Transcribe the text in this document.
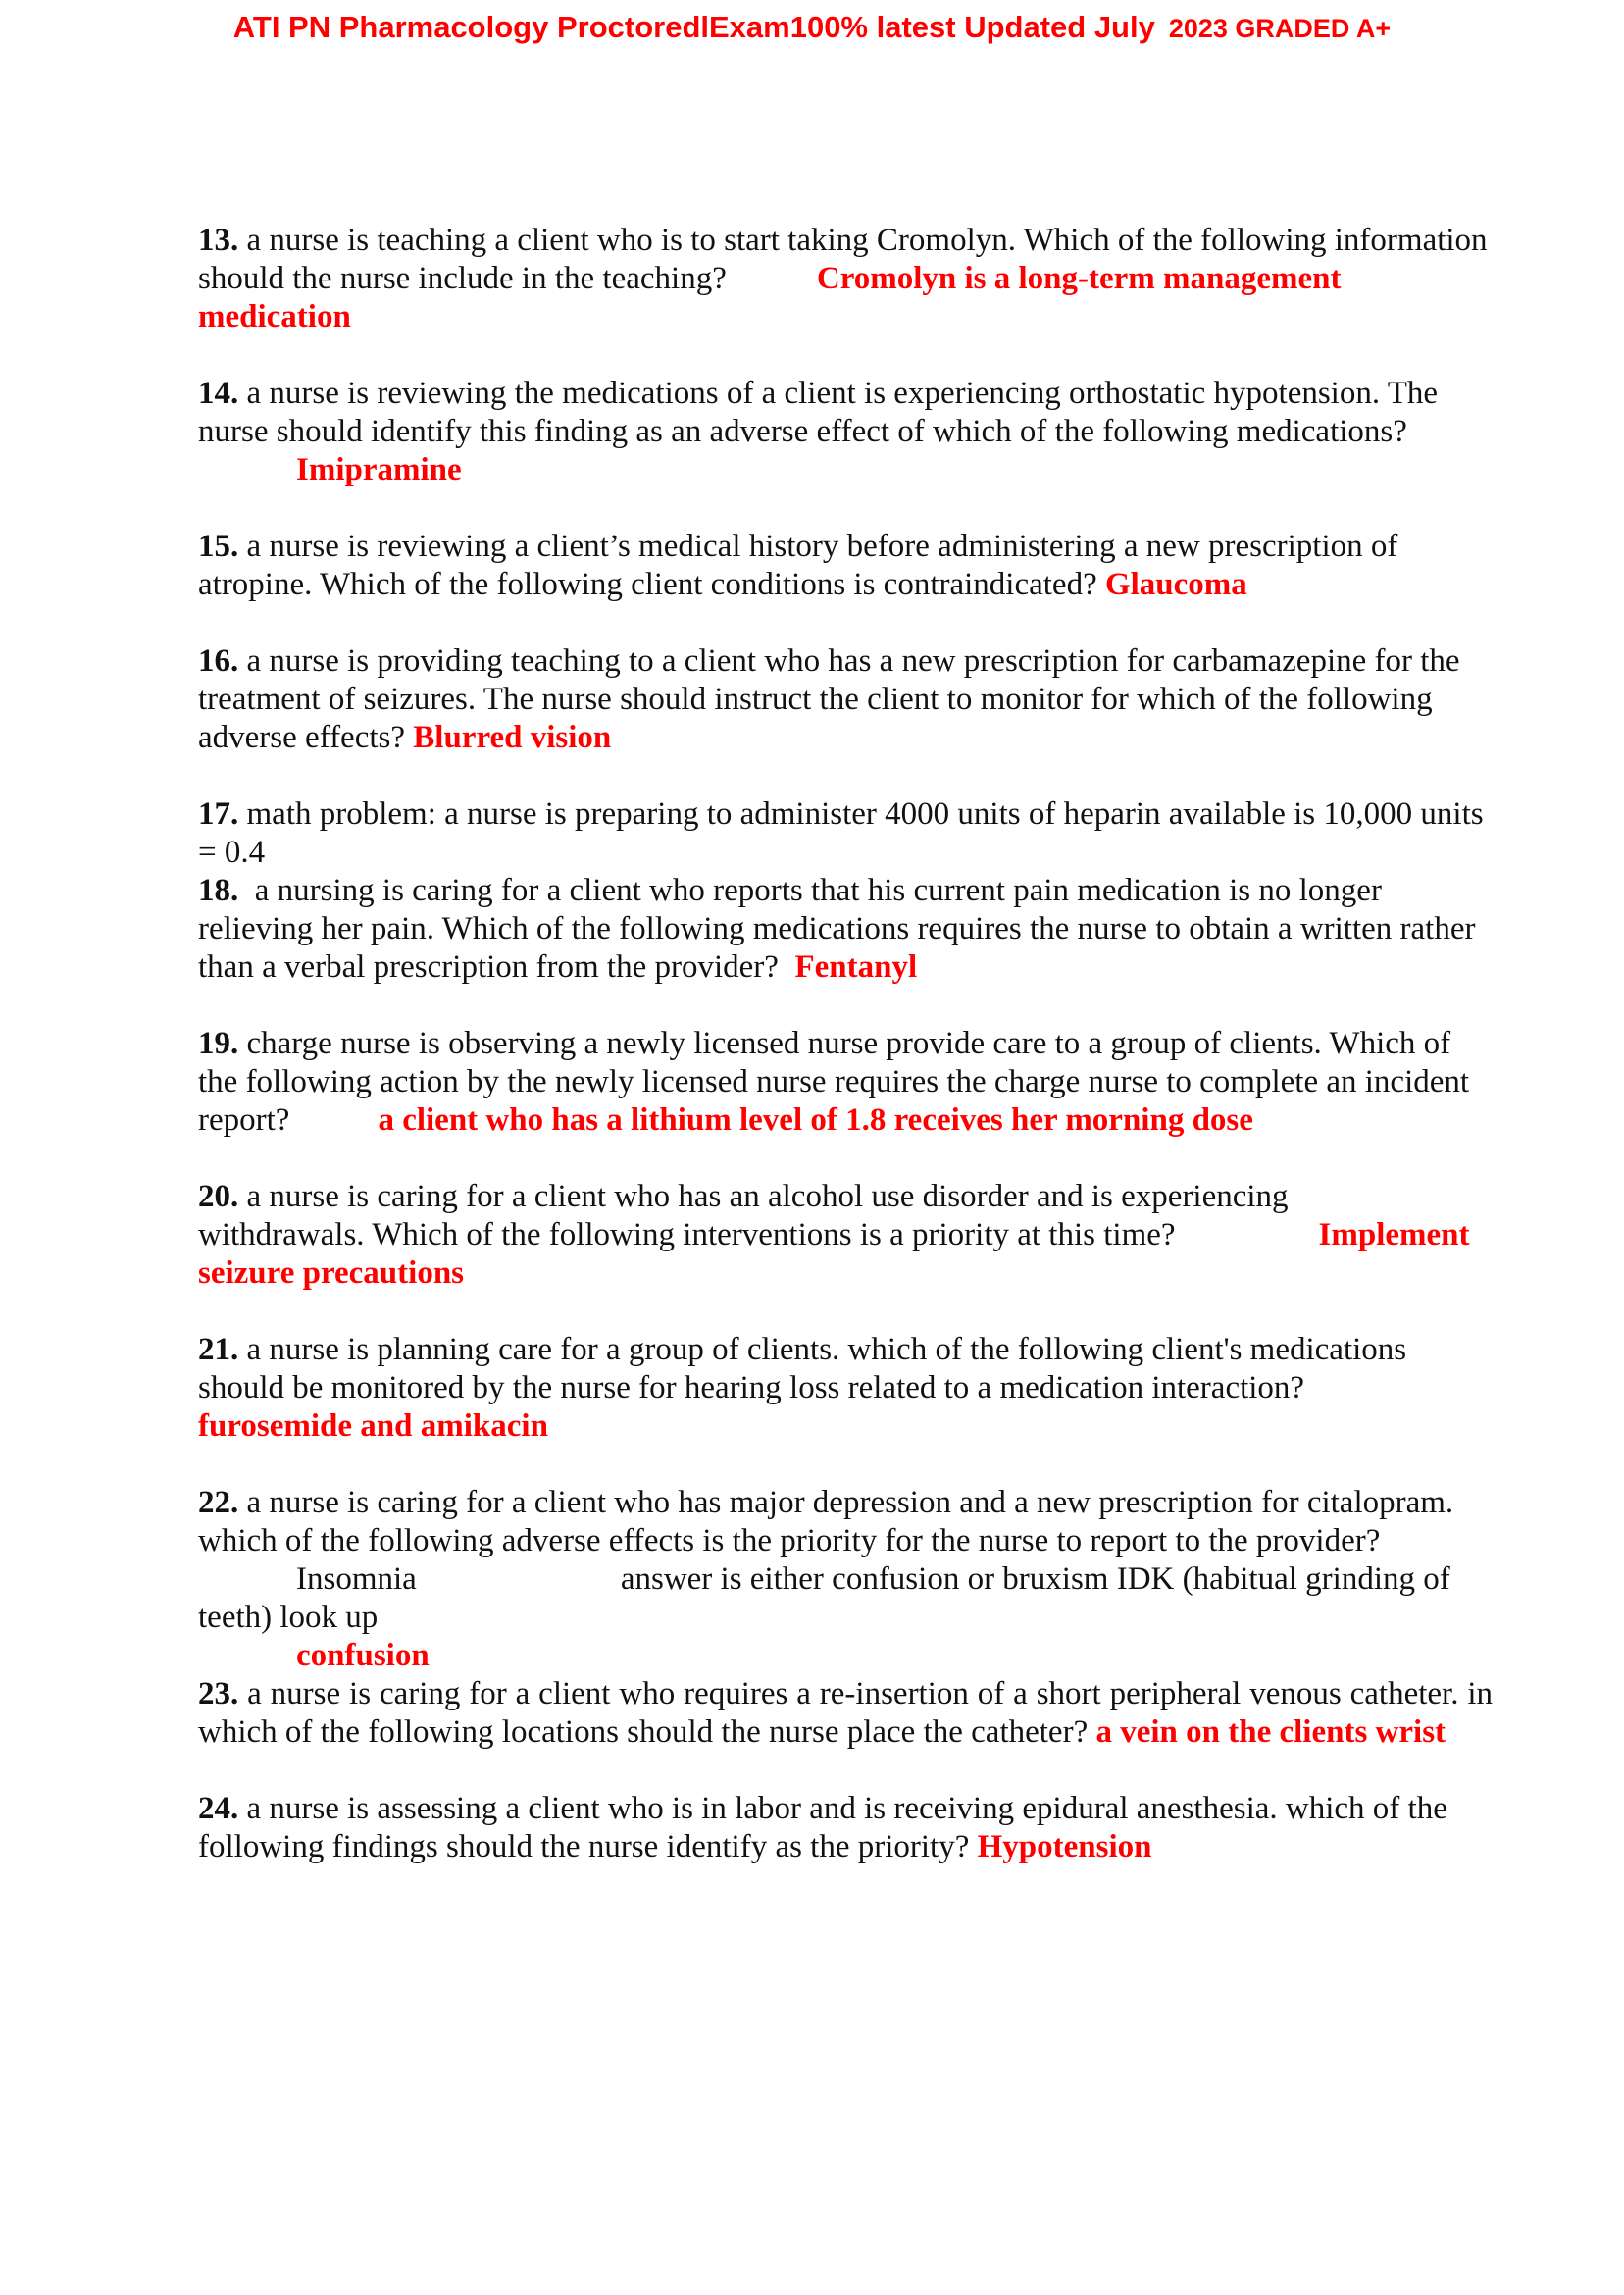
ATI PN Pharmacology ProctoredlExam100% latest Updated July 2023 GRADED A+
13. a nurse is teaching a client who is to start taking Cromolyn. Which of the following information should the nurse include in the teaching?	Cromolyn is a long-term management medication
14. a nurse is reviewing the medications of a client is experiencing orthostatic hypotension. The nurse should identify this finding as an adverse effect of which of the following medications?
Imipramine
15. a nurse is reviewing a client’s medical history before administering a new prescription of atropine. Which of the following client conditions is contraindicated? Glaucoma
16. a nurse is providing teaching to a client who has a new prescription for carbamazepine for the treatment of seizures. The nurse should instruct the client to monitor for which of the following adverse effects? Blurred vision
17. math problem: a nurse is preparing to administer 4000 units of heparin available is 10,000 units = 0.4
18. a nursing is caring for a client who reports that his current pain medication is no longer relieving her pain. Which of the following medications requires the nurse to obtain a written rather than a verbal prescription from the provider? Fentanyl
19. charge nurse is observing a newly licensed nurse provide care to a group of clients. Which of the following action by the newly licensed nurse requires the charge nurse to complete an incident report?	a client who has a lithium level of 1.8 receives her morning dose
20. a nurse is caring for a client who has an alcohol use disorder and is experiencing
withdrawals. Which of the following interventions is a priority at this time?	Implement
seizure precautions
21. a nurse is planning care for a group of clients. which of the following client's medications should be monitored by the nurse for hearing loss related to a medication interaction?
furosemide and amikacin
22. a nurse is caring for a client who has major depression and a new prescription for citalopram. which of the following adverse effects is the priority for the nurse to report to the provider?
Insomnia	answer is either confusion or bruxism IDK (habitual grinding of
teeth) look up
confusion
23. a nurse is caring for a client who requires a re-insertion of a short peripheral venous catheter. in which of the following locations should the nurse place the catheter? a vein on the clients wrist
24. a nurse is assessing a client who is in labor and is receiving epidural anesthesia. which of the following findings should the nurse identify as the priority? Hypotension
